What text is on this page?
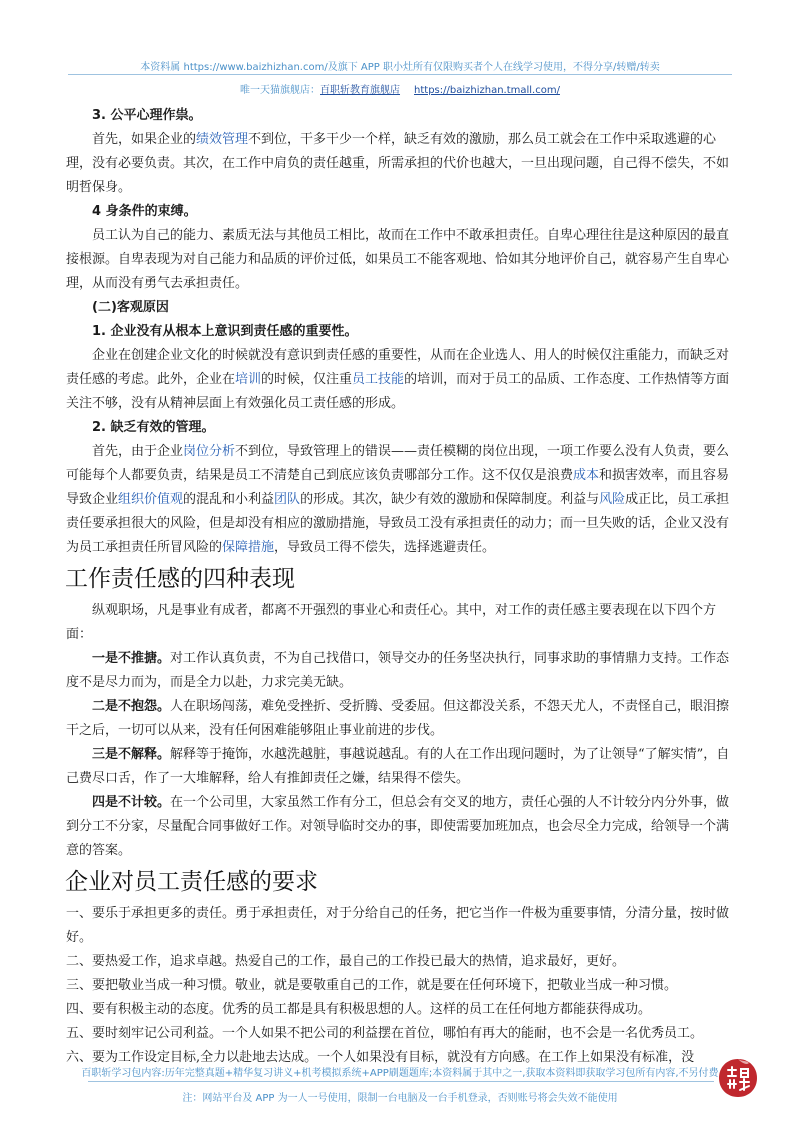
本资料属 https://www.baizhizhan.com/及旗下 APP 职小灶所有仅限购买者个人在线学习使用，不得分享/转赠/转卖
唯一天猫旗舰店：百职斩教育旗舰店 https://baizhizhan.tmall.com/

3. 公平心理作祟。

首先，如果企业的绩效管理不到位，干多干少一个样，缺乏有效的激励，那么员工就会在工作中采取逃避的心理，没有必要负责。其次，在工作中肩负的责任越重，所需承担的代价也越大，一旦出现问题，自己得不偿失，不如明哲保身。

4 身条件的束缚。

员工认为自己的能力、素质无法与其他员工相比，故而在工作中不敢承担责任。自卑心理往往是这种原因的最直接根源。自卑表现为对自己能力和品质的评价过低，如果员工不能客观地、恰如其分地评价自己，就容易产生自卑心理，从而没有勇气去承担责任。

(二)客观原因

1. 企业没有从根本上意识到责任感的重要性。

企业在创建企业文化的时候就没有意识到责任感的重要性，从而在企业选人、用人的时候仅注重能力，而缺乏对责任感的考虑。此外，企业在培训的时候，仅注重员工技能的培训，而对于员工的品质、工作态度、工作热情等方面关注不够，没有从精神层面上有效强化员工责任感的形成。

2. 缺乏有效的管理。

首先，由于企业岗位分析不到位，导致管理上的错误——责任模糊的岗位出现，一项工作要么没有人负责，要么可能每个人都要负责，结果是员工不清楚自己到底应该负责哪部分工作。这不仅仅是浪费成本和损害效率，而且容易导致企业组织价值观的混乱和小利益团队的形成。其次，缺少有效的激励和保障制度。利益与风险成正比，员工承担责任要承担很大的风险，但是却没有相应的激励措施，导致员工没有承担责任的动力；而一旦失败的话，企业又没有为员工承担责任所冒风险的保障措施，导致员工得不偿失，选择逃避责任。

工作责任感的四种表现

纵观职场，凡是事业有成者，都离不开强烈的事业心和责任心。其中，对工作的责任感主要表现在以下四个方面：

一是不推搪。对工作认真负责，不为自己找借口，领导交办的任务坚决执行，同事求助的事情鼎力支持。工作态度不是尽力而为，而是全力以赴，力求完美无缺。

二是不抱怨。人在职场闯荡，难免受挫折、受折腾、受委屈。但这都没关系，不怨天尤人，不责怪自己，眼泪擦干之后，一切可以从来，没有任何困难能够阻止事业前进的步伐。

三是不解释。解释等于掩饰，水越洗越脏，事越说越乱。有的人在工作出现问题时，为了让领导“了解实情”，自己费尽口舌，作了一大堆解释，给人有推卸责任之嫌，结果得不偿失。

四是不计较。在一个公司里，大家虽然工作有分工，但总会有交叉的地方，责任心强的人不计较分内分外事，做到分工不分家，尽量配合同事做好工作。对领导临时交办的事，即使需要加班加点，也会尽全力完成，给领导一个满意的答案。

企业对员工责任感的要求

一、要乐于承担更多的责任。勇于承担责任，对于分给自己的任务，把它当作一件极为重要事情，分清分量，按时做好。

二、要热爱工作，追求卓越。热爱自己的工作，最自己的工作投已最大的热情，追求最好，更好。

三、要把敬业当成一种习惯。敬业，就是要敬重自己的工作，就是要在任何环境下，把敬业当成一种习惯。

四、要有积极主动的态度。优秀的员工都是具有积极思想的人。这样的员工在任何地方都能获得成功。

五、要时刻牢记公司利益。一个人如果不把公司的利益摆在首位，哪怕有再大的能耐，也不会是一名优秀员工。

六、要为工作设定目标,全力以赴地去达成。一个人如果没有目标，就没有方向感。在工作上如果没有标准，没

百职斩学习包内容:历年完整真题+精华复习讲义+机考模拟系统+APP刷题题库;本资料属于其中之一,获取本资料即获取学习包所有内容,不另付费
注：网站平台及 APP 为一人一号使用，限制一台电脑及一台手机登录，否则账号将会失效不能使用
